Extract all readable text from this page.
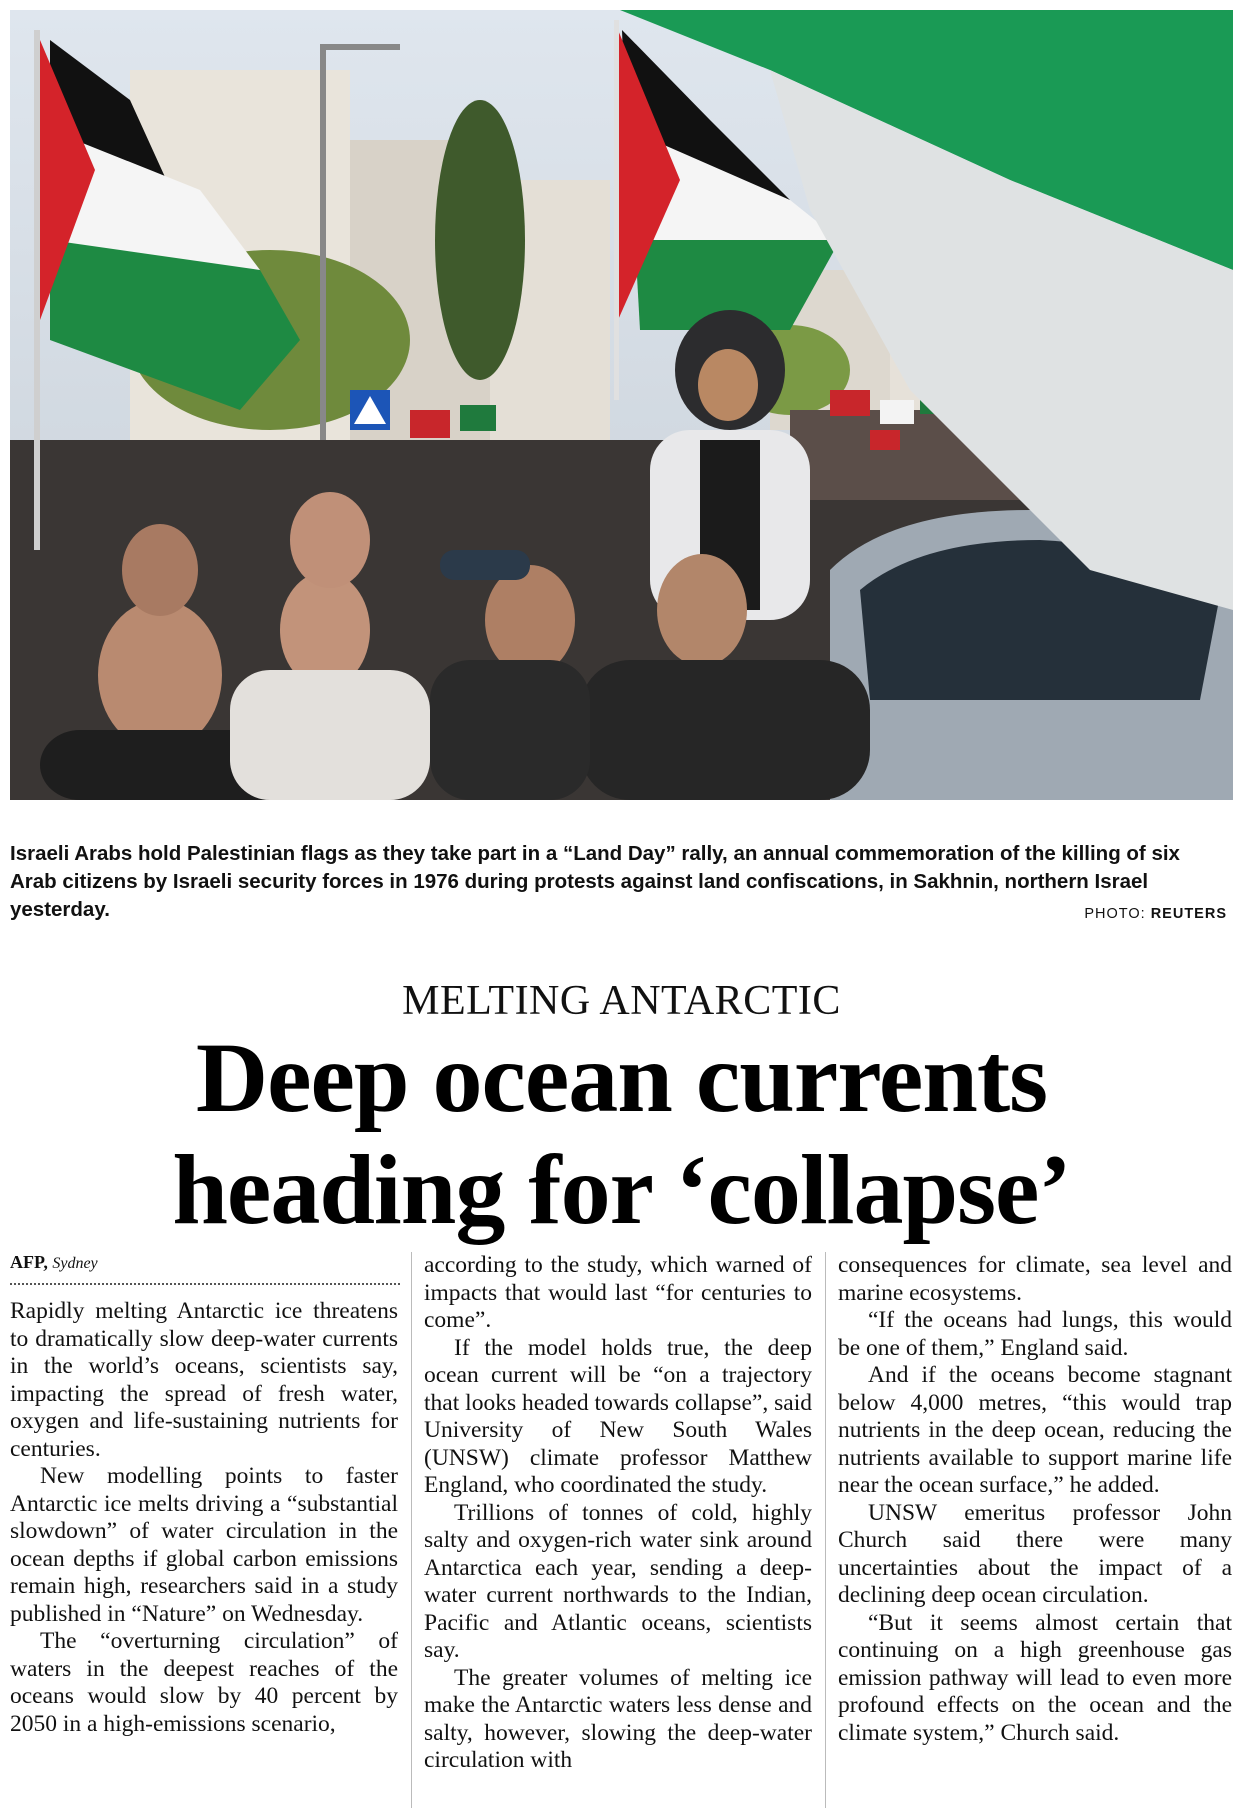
Israeli Arabs hold Palestinian flags as they take part in a “Land Day” rally, an annual commemoration of the killing of six Arab citizens by Israeli security forces in 1976 during protests against land confiscations, in Sakhnin, northern Israel yesterday.	PHOTO: REUTERS
MELTING ANTARCTIC
Deep ocean currents
heading for ‘collapse’
AFP, Sydney

Rapidly melting Antarctic ice threatens to dramatically slow deep-water currents in the world’s oceans, scientists say, impacting the spread of fresh water, oxygen and life-sustaining nutrients for centuries.

New modelling points to faster Antarctic ice melts driving a “substantial slowdown” of water circulation in the ocean depths if global carbon emissions remain high, researchers said in a study published in “Nature” on Wednesday.

The “overturning circulation” of waters in the deepest reaches of the oceans would slow by 40 percent by 2050 in a high-emissions scenario,

according to the study, which warned of impacts that would last “for centuries to come”.

If the model holds true, the deep ocean current will be “on a trajectory that looks headed towards collapse”, said University of New South Wales (UNSW) climate professor Matthew England, who coordinated the study.

Trillions of tonnes of cold, highly salty and oxygen-rich water sink around Antarctica each year, sending a deep-water current northwards to the Indian, Pacific and Atlantic oceans, scientists say.

The greater volumes of melting ice make the Antarctic waters less dense and salty, however, slowing the deep-water circulation with

consequences for climate, sea level and marine ecosystems.

“If the oceans had lungs, this would be one of them,” England said.

And if the oceans become stagnant below 4,000 metres, “this would trap nutrients in the deep ocean, reducing the nutrients available to support marine life near the ocean surface,” he added.

UNSW emeritus professor John Church said there were many uncertainties about the impact of a declining deep ocean circulation.

“But it seems almost certain that continuing on a high greenhouse gas emission pathway will lead to even more profound effects on the ocean and the climate system,” Church said.
